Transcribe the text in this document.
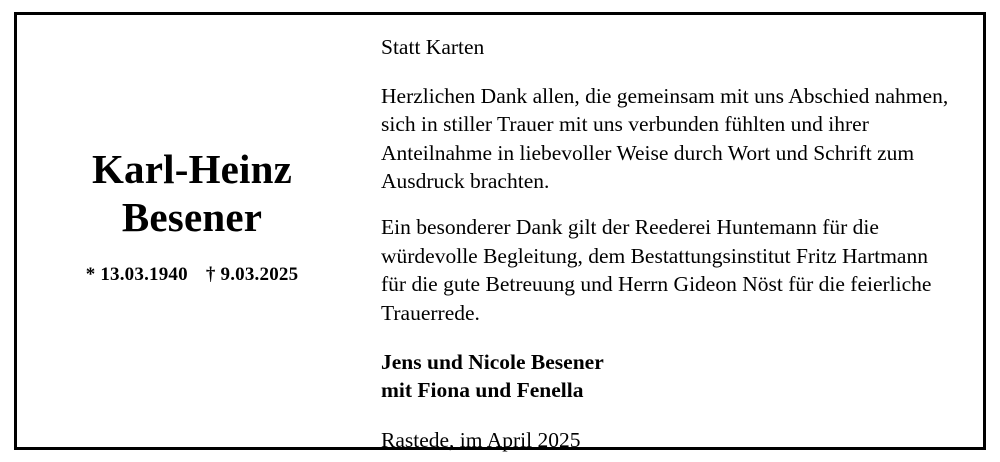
Karl-Heinz
Besener
* 13.03.1940 † 9.03.2025

Statt Karten

Herzlichen Dank allen, die gemeinsam mit uns Abschied nahmen, sich in stiller Trauer mit uns verbunden fühlten und ihrer Anteilnahme in liebevoller Weise durch Wort und Schrift zum Ausdruck brachten.

Ein besonderer Dank gilt der Reederei Huntemann für die würdevolle Begleitung, dem Bestattungsinstitut Fritz Hartmann für die gute Betreuung und Herrn Gideon Nöst für die feierliche Trauerrede.

Jens und Nicole Besener
mit Fiona und Fenella

Rastede, im April 2025
